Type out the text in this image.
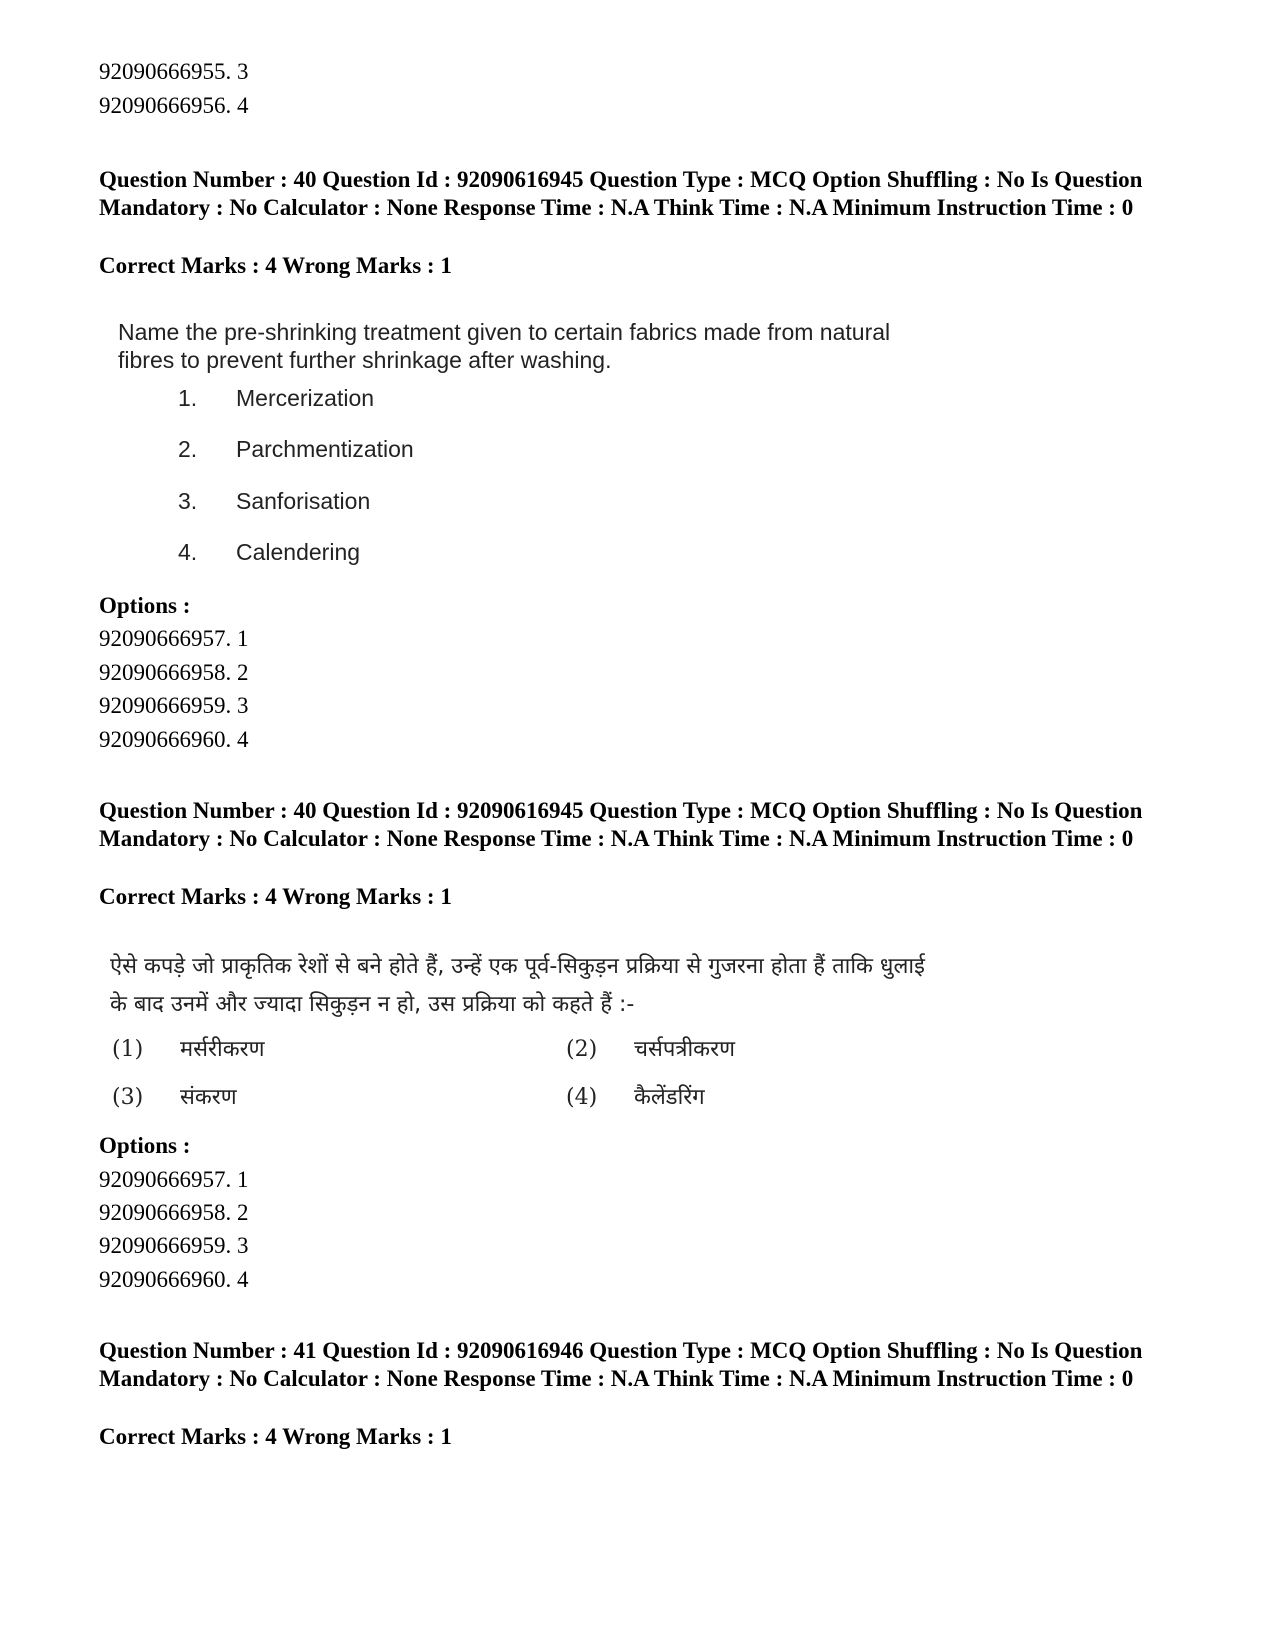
92090666955. 3
92090666956. 4
Question Number : 40 Question Id : 92090616945 Question Type : MCQ Option Shuffling : No Is Question Mandatory : No Calculator : None Response Time : N.A Think Time : N.A Minimum Instruction Time : 0
Correct Marks : 4 Wrong Marks : 1
Name the pre-shrinking treatment given to certain fabrics made from natural
fibres to prevent further shrinkage after washing.
1. Mercerization
2. Parchmentization
3. Sanforisation
4. Calendering
Options :
92090666957. 1
92090666958. 2
92090666959. 3
92090666960. 4
Question Number : 40 Question Id : 92090616945 Question Type : MCQ Option Shuffling : No Is Question Mandatory : No Calculator : None Response Time : N.A Think Time : N.A Minimum Instruction Time : 0
Correct Marks : 4 Wrong Marks : 1
ऐसे कपड़े जो प्राकृतिक रेशों से बने होते हैं, उन्हें एक पूर्व-सिकुड़न प्रक्रिया से गुजरना होता हैं ताकि धुलाई
के बाद उनमें और ज्यादा सिकुड़न न हो, उस प्रक्रिया को कहते हैं :-
(1) मर्सरीकरण	(2) चर्सपत्रीकरण
(3) संकरण	(4) कैलेंडरिंग
Options :
92090666957. 1
92090666958. 2
92090666959. 3
92090666960. 4
Question Number : 41 Question Id : 92090616946 Question Type : MCQ Option Shuffling : No Is Question Mandatory : No Calculator : None Response Time : N.A Think Time : N.A Minimum Instruction Time : 0
Correct Marks : 4 Wrong Marks : 1
